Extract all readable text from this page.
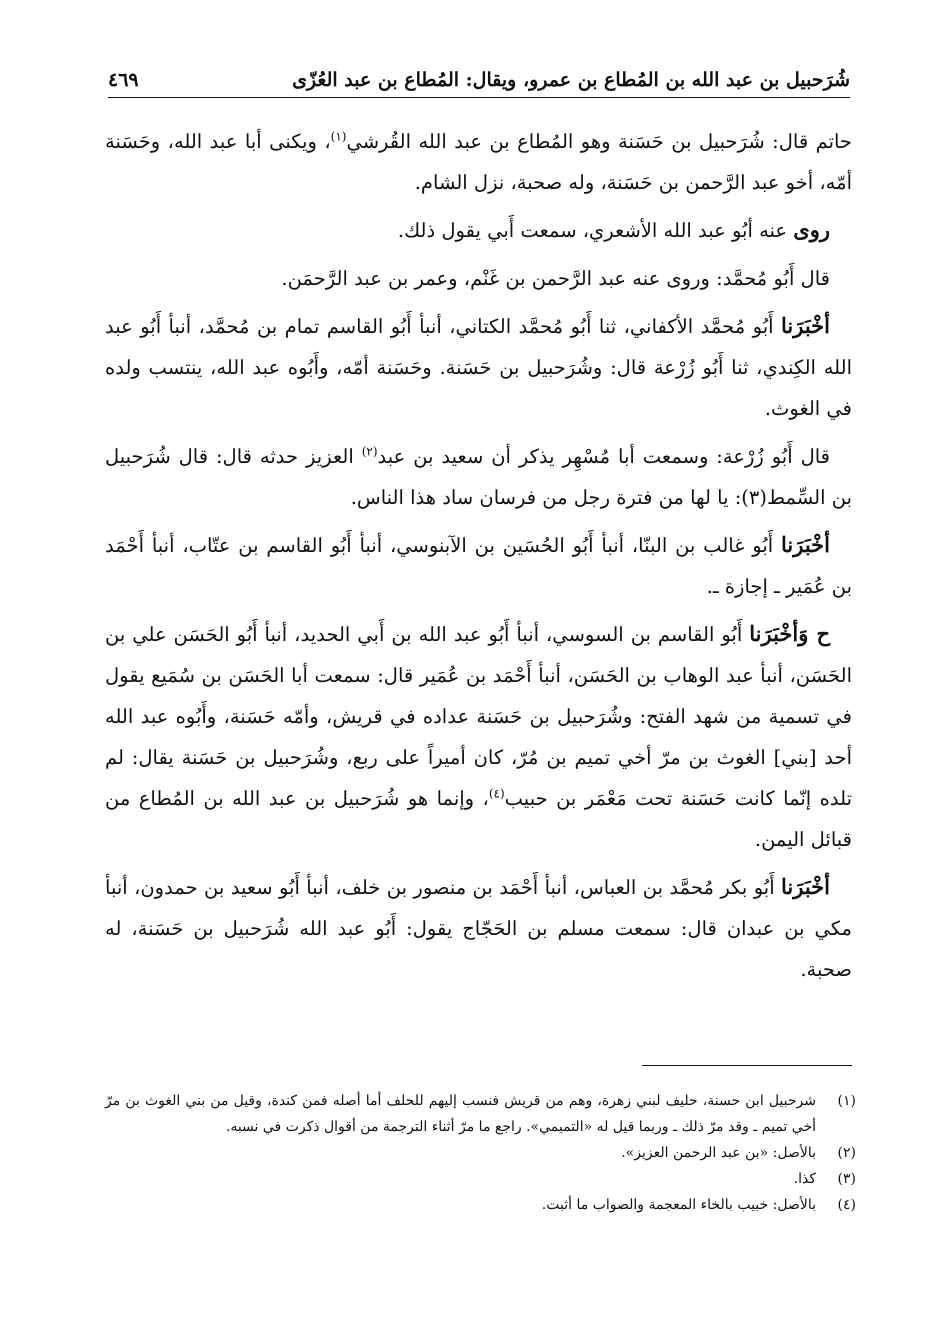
شُرَحبيل بن عبد الله بن المُطاع بن عمرو، ويقال: المُطاع بن عبد العُزّى
٤٦٩

حاتم قال: شُرَحبيل بن حَسَنة وهو المُطاع بن عبد الله القُرشي$^{(١)}$، ويكنى أبا عبد الله، وحَسَنة أمّه، أخو عبد الرَّحمن بن حَسَنة، وله صحبة، نزل الشام.

روى عنه أبُو عبد الله الأشعري، سمعت أَبي يقول ذلك.

قال أَبُو مُحمَّد: وروى عنه عبد الرَّحمن بن غَنْم، وعمر بن عبد الرَّحمَن.

أخْبَرَنا أَبُو مُحمَّد الأكفاني، ثنا أَبُو مُحمَّد الكتاني، أنبأ أَبُو القاسم تمام بن مُحمَّد، أنبأ أَبُو عبد الله الكِندي، ثنا أَبُو زُرْعة قال: وشُرَحبيل بن حَسَنة. وحَسَنة أمّه، وأَبُوه عبد الله، ينتسب ولده في الغوث.

قال أَبُو زُرْعة: وسمعت أبا مُسْهِر يذكر أن سعيد بن عبد$^{(٢)}$ العزيز حدثه قال: قال شُرَحبيل بن السِّمط(٣): يا لها من فترة رجل من فرسان ساد هذا الناس.

أخْبَرَنا أَبُو غالب بن البنّا، أنبأ أَبُو الحُسَين بن الآبنوسي، أنبأ أَبُو القاسم بن عتّاب، أنبأ أَحْمَد بن عُمَير ـ إجازة ـ.

ح وَأخْبَرَنا أَبُو القاسم بن السوسي، أنبأ أَبُو عبد الله بن أَبي الحديد، أنبأ أَبُو الحَسَن علي بن الحَسَن، أنبأ عبد الوهاب بن الحَسَن، أنبأ أَحْمَد بن عُمَير قال: سمعت أبا الحَسَن بن سُمَيع يقول في تسمية من شهد الفتح: وشُرَحبيل بن حَسَنة عداده في قريش، وأمّه حَسَنة، وأَبُوه عبد الله أحد [بني] الغوث بن مرّ أخي تميم بن مُرّ، كان أميراً على ربع، وشُرَحبيل بن حَسَنة يقال: لم تلده إنّما كانت حَسَنة تحت مَعْمَر بن حبيب$^{(٤)}$، وإنما هو شُرَحبيل بن عبد الله بن المُطاع من قبائل اليمن.

أخْبَرَنا أَبُو بكر مُحمَّد بن العباس، أنبأ أَحْمَد بن منصور بن خلف، أنبأ أَبُو سعيد بن حمدون، أنبأ مكي بن عبدان قال: سمعت مسلم بن الحَجّاج يقول: أَبُو عبد الله شُرَحبيل بن حَسَنة، له صحبة.

(١)
شرحبيل ابن حسنة، حليف لبني زهرة، وهم من قريش فنسب إليهم للحلف أما أصله فمن كندة، وقيل من بني الغوث بن مرّ أخي تميم ـ وقد مرّ ذلك ـ وربما قيل له «التميمي». راجع ما مرّ أثناء الترجمة من أقوال ذكرت في نسبه.

(٢)
بالأصل: «بن عبد الرحمن العزيز».

(٣)
كذا.

(٤)
بالأصل: خبيب بالخاء المعجمة والصواب ما أثبت.
